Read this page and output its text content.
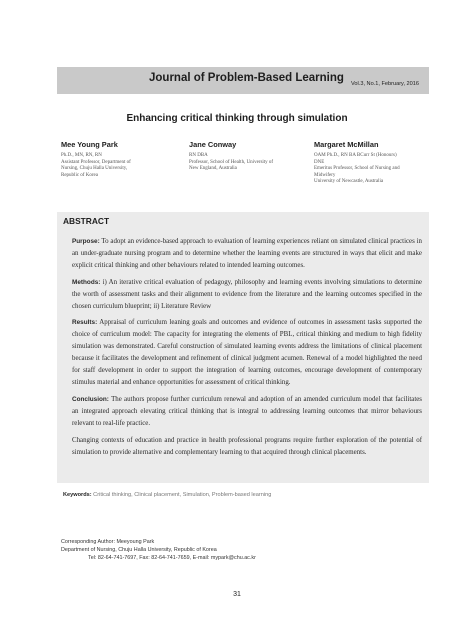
Journal of Problem-Based Learning Vol.3, No.1, February, 2016
Enhancing critical thinking through simulation
Mee Young Park
Ph.D., MN, RN, RN
Assistant Professor, Department of
Nursing, Chuju Halla University,
Republic of Korea
Jane Conway
RN DBA
Professor, School of Health, University of
New England, Australia
Margaret McMillan
OAM Ph.D., RN BA BCurr St (Honours)
DNE
Emeritus Professor, School of Nursing and
Midwifery
University of Newcastle, Australia
ABSTRACT

Purpose: To adopt an evidence-based approach to evaluation of learning experiences reliant on simulated clinical practices in an under-graduate nursing program and to determine whether the learning events are structured in ways that elicit and make explicit critical thinking and other behaviours related to intended learning outcomes.

Methods: i) An iterative critical evaluation of pedagogy, philosophy and learning events involving simulations to determine the worth of assessment tasks and their alignment to evidence from the literature and the learning outcomes specified in the chosen curriculum blueprint; ii) Literature Review

Results: Appraisal of curriculum leaning goals and outcomes and evidence of outcomes in assessment tasks supported the choice of curriculum model: The capacity for integrating the elements of PBL, critical thinking and medium to high fidelity simulation was demonstrated. Careful construction of simulated learning events address the limitations of clinical placement because it facilitates the development and refinement of clinical judgment acumen. Renewal of a model highlighted the need for staff development in order to support the integration of learning outcomes, encourage development of contemporary stimulus material and enhance opportunities for assessment of critical thinking.

Conclusion: The authors propose further curriculum renewal and adoption of an amended curriculum model that facilitates an integrated approach elevating critical thinking that is integral to addressing learning outcomes that mirror behaviours relevant to real-life practice.

Changing contexts of education and practice in health professional programs require further exploration of the potential of simulation to provide alternative and complementary learning to that acquired through clinical placements.

Keywords: Critical thinking, Clinical placement, Simulation, Problem-based learning
Corresponding Author: Meeyoung Park
Department of Nursing, Chuju Halla University, Republic of Korea
Tel: 82-64-741-7697, Fax: 82-64-741-7659, E-mail: mypark@chu.ac.kr
31
